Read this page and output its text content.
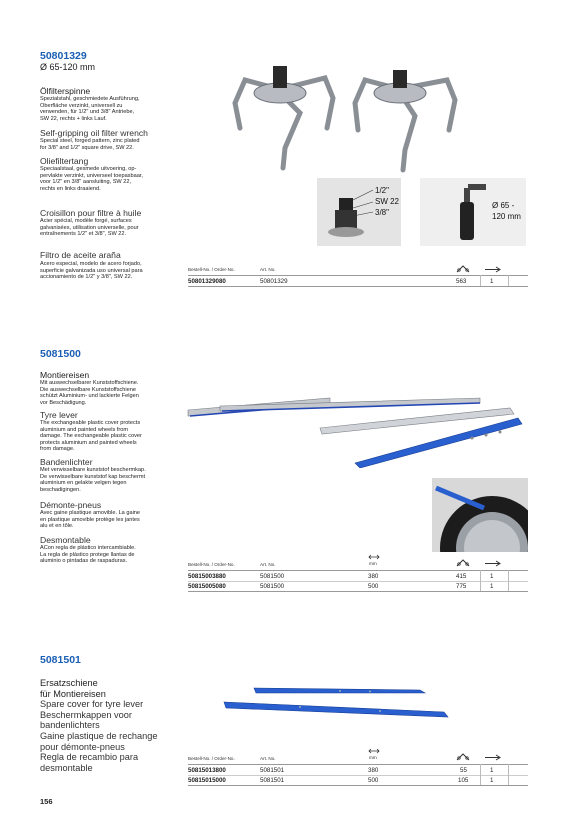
50801329
Ø 65-120 mm
Ölfilterspinne
Spezialstahl, geschmiedete Ausführung,
Oberfläche verzinkt, universell zu
verwenden, für 1/2" und 3/8" Antriebe,
SW 22, rechts + links Lauf.
Self-gripping oil filter wrench
Special steel, forged pattern, zinc plated
for 3/8" and 1/2" square drive, SW 22.
Oliefiltertang
Speciaalstaal, gesmede uitvoering, op-
pervlakte verzinkt, universeel toepasbaar,
voor 1/2" en 3/8" aansluiting, SW 22,
rechts en links draaiend.
Croisillon pour filtre à huile
Acier spécial, modèle forgé, surfaces
galvanisées, utilisation universelle, pour
entraînements 1/2" et 3/8", SW 22.
Filtro de aceite araña
Acero especial, modelo de acero forjado,
superficie galvanizada uso universal para
accionamiento de 1/2" y 3/8", SW 22.
1/2"
SW 22
3/8"
Ø 65 -
120 mm
Bestell-No. / Order-No.	Art. No.
50801329080	50801329	563	1
5081500
Montiereisen
Mit auswechselbarer Kunststoffschiene.
Die auswechselbare Kunststoffschiene
schützt Aluminium- und lackierte Felgen
vor Beschädigung.
Tyre lever
The exchangeable plastic cover protects
aluminium and painted wheels from
damage. The exchangeable plastic cover
protects aluminium and painted wheels
from damage.
Bandenlichter
Met verwisselbare kunststof beschermkap.
De verwisselbare kunststof kap beschermt
aluminium en gelakte velgen tegen
beschadigingen.
Démonte-pneus
Avec gaine plastique amovible. La gaine
en plastique amovible protège les jantes
alu et en tôle.
Desmontable
ACon regla de plástico intercambiable.
La regla de plástico protege llantas de
aluminio o pintadas de raspaduras.
Bestell-No. / Order-No.	Art. No.	mm
50815003880	5081500	380	415	1
50815005080	5081500	500	775	1
5081501
Ersatzschiene
für Montiereisen
Spare cover for tyre lever
Beschermkappen voor
bandenlichters
Gaine plastique de rechange
pour démonte-pneus
Regla de recambio para
desmontable
Bestell-No. / Order-No.	Art. No.	mm
50815013800	5081501	380	55	1
50815015000	5081501	500	105	1
156
